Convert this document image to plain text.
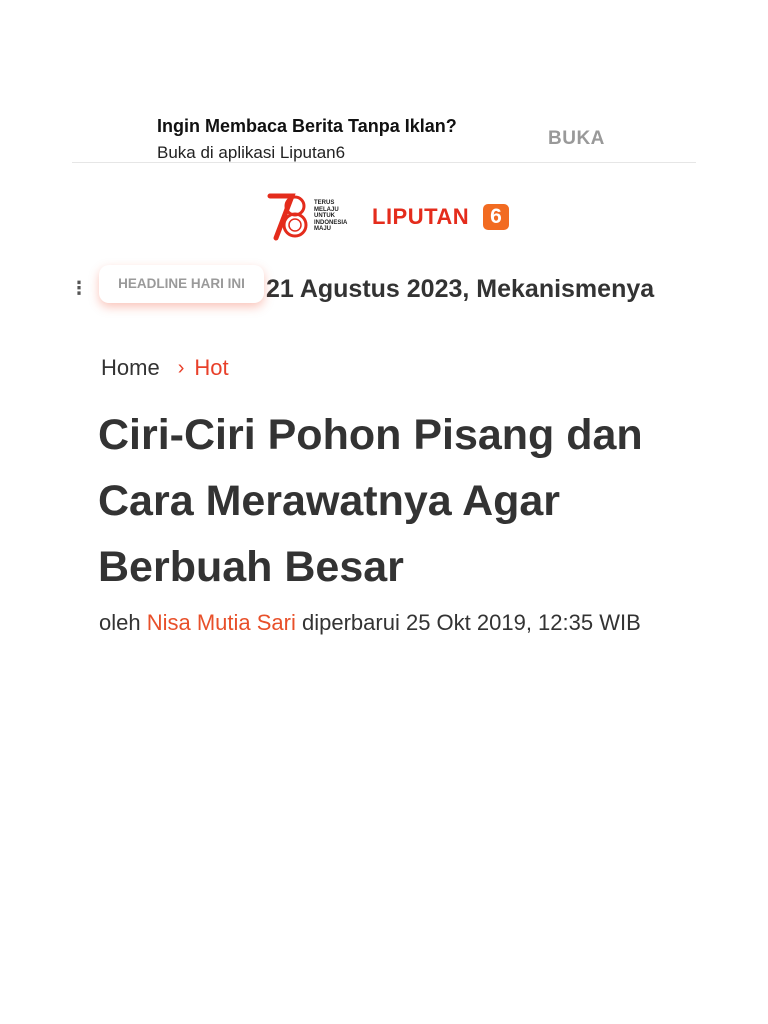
Ingin Membaca Berita Tanpa Iklan?
Buka di aplikasi Liputan6
BUKA
TERUS
MELAJU
UNTUK
INDONESIA
MAJU	LIPUTAN 6
⋮	HEADLINE HARI INI 21 Agustus 2023, Mekanismenya
Home › Hot
Ciri-Ciri Pohon Pisang dan Cara Merawatnya Agar Berbuah Besar
oleh Nisa Mutia Sari diperbarui 25 Okt 2019, 12:35 WIB
